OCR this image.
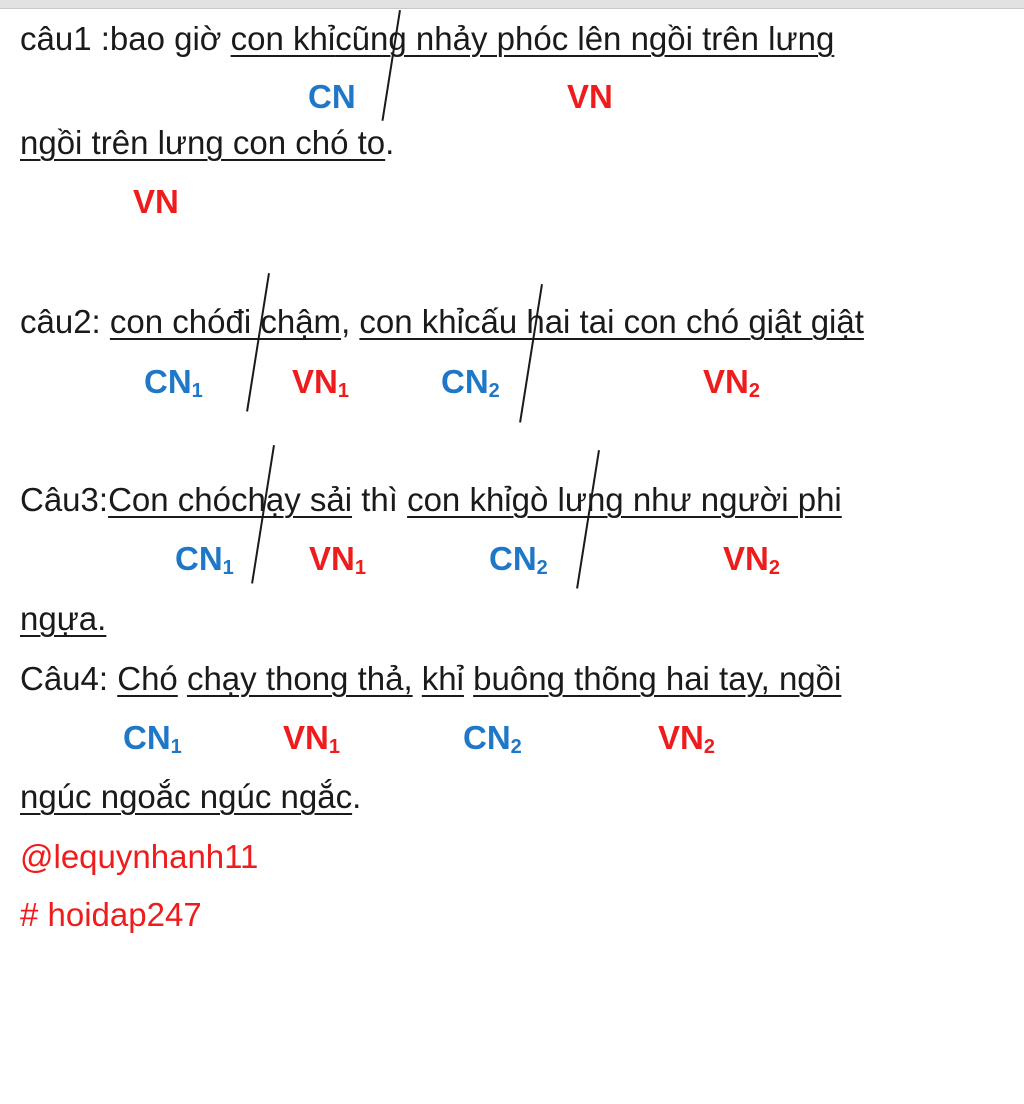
câu1 :bao giờ con khỉcũng nhảy phóc lên ngồi trên lưng
CN	VN
ngồi trên lưng con chó to.
VN
câu2: con chóđi chậm, con khỉcấu hai tai con chó giật giật
$CN_1$	$VN_1$	$CN_2$	$VN_2$
Câu3:Con chóchạy sải thì con khỉgò lưng như người phi
$CN_1$ $VN_1$	$CN_2$	$VN_2$
ngựa.
Câu4: Chó chạy thong thả, khỉ buông thõng hai tay, ngồi
$CN_1$	$VN_1$	$CN_2$	$VN_2$
ngúc ngoắc ngúc ngắc.
@lequynhanh11
# hoidap247
